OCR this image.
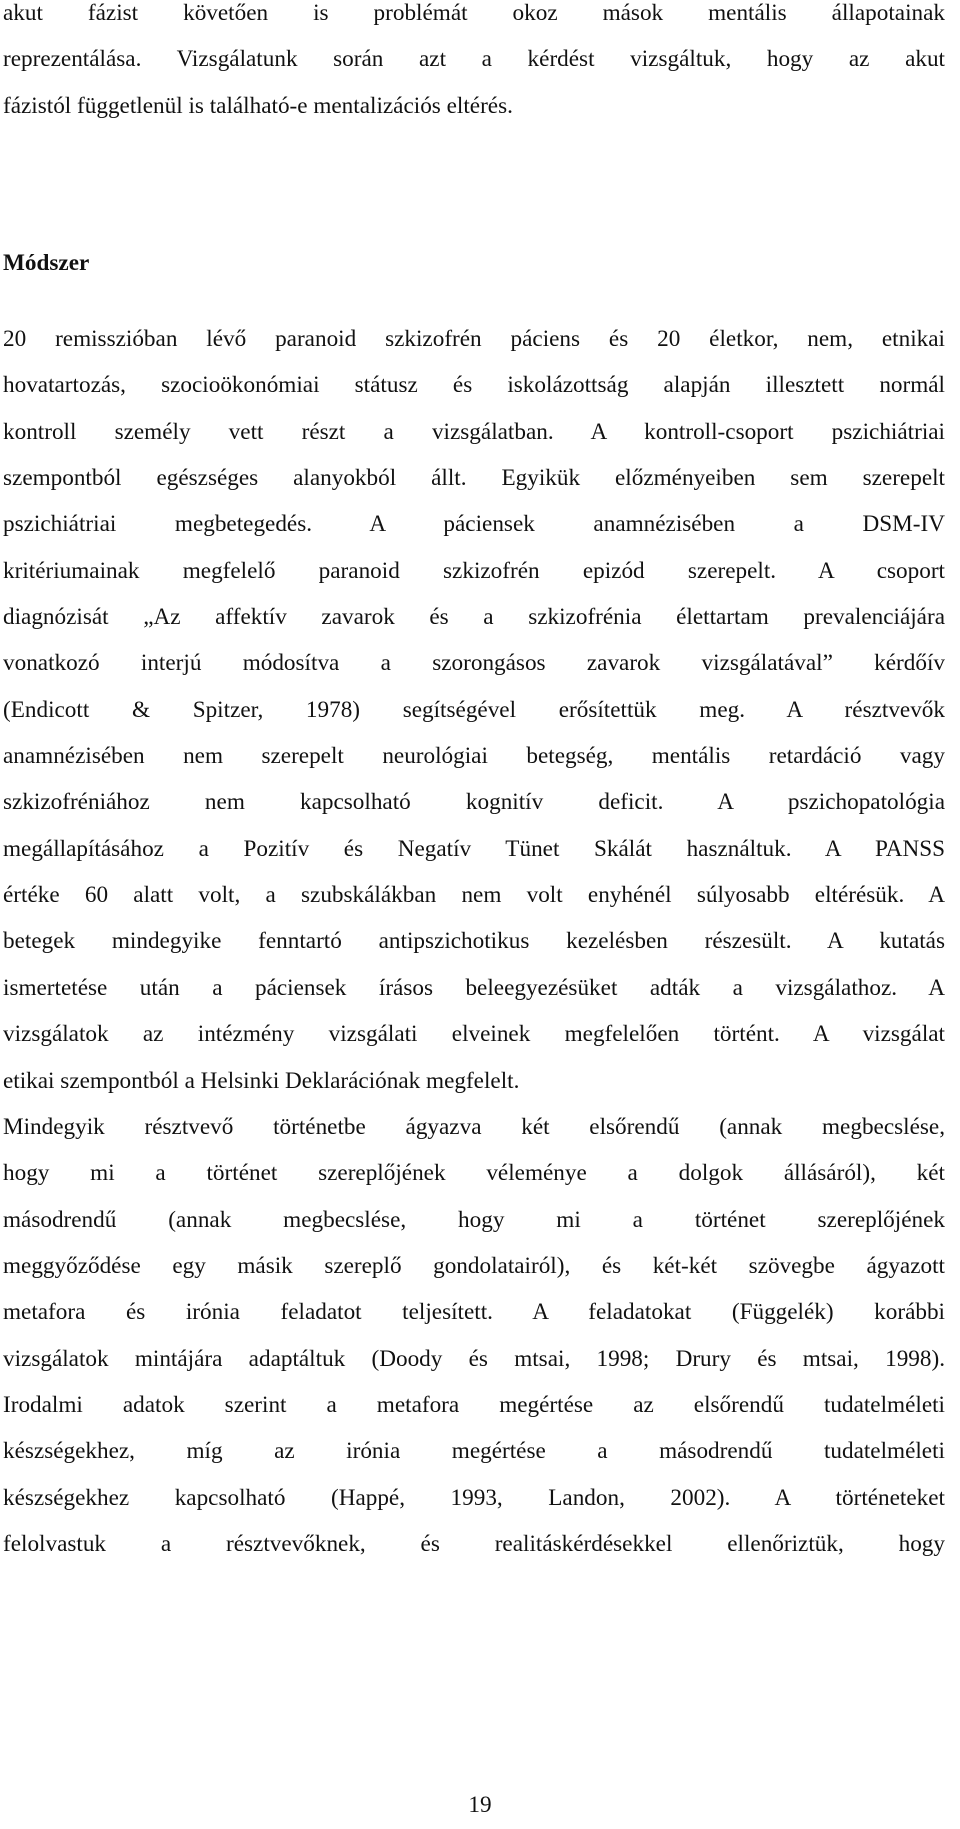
akut fázist követően is problémát okoz mások mentális állapotainak
reprezentálása. Vizsgálatunk során azt a kérdést vizsgáltuk, hogy az akut
fázistól függetlenül is található-e mentalizációs eltérés.
Módszer
20 remisszióban lévő paranoid szkizofrén páciens és 20 életkor, nem, etnikai
hovatartozás, szocioökonómiai státusz és iskolázottság alapján illesztett normál
kontroll személy vett részt a vizsgálatban. A kontroll-csoport pszichiátriai
szempontból egészséges alanyokból állt. Egyikük előzményeiben sem szerepelt
pszichiátriai megbetegedés. A páciensek anamnézisében a DSM-IV
kritériumainak megfelelő paranoid szkizofrén epizód szerepelt. A csoport
diagnózisát „Az affektív zavarok és a szkizofrénia élettartam prevalenciájára
vonatkozó interjú módosítva a szorongásos zavarok vizsgálatával” kérdőív
(Endicott & Spitzer, 1978) segítségével erősítettük meg. A résztvevők
anamnézisében nem szerepelt neurológiai betegség, mentális retardáció vagy
szkizofréniához nem kapcsolható kognitív deficit. A pszichopatológia
megállapításához a Pozitív és Negatív Tünet Skálát használtuk. A PANSS
értéke 60 alatt volt, a szubskálákban nem volt enyhénél súlyosabb eltérésük. A
betegek mindegyike fenntartó antipszichotikus kezelésben részesült. A kutatás
ismertetése után a páciensek írásos beleegyezésüket adták a vizsgálathoz. A
vizsgálatok az intézmény vizsgálati elveinek megfelelően történt. A vizsgálat
etikai szempontból a Helsinki Deklarációnak megfelelt.
Mindegyik résztvevő történetbe ágyazva két elsőrendű (annak megbecslése,
hogy mi a történet szereplőjének véleménye a dolgok állásáról), két
másodrendű (annak megbecslése, hogy mi a történet szereplőjének
meggyőződése egy másik szereplő gondolatairól), és két-két szövegbe ágyazott
metafora és irónia feladatot teljesített. A feladatokat (Függelék) korábbi
vizsgálatok mintájára adaptáltuk (Doody és mtsai, 1998; Drury és mtsai, 1998).
Irodalmi adatok szerint a metafora megértése az elsőrendű tudatelméleti
készségekhez, míg az irónia megértése a másodrendű tudatelméleti
készségekhez kapcsolható (Happé, 1993, Landon, 2002). A történeteket
felolvastuk a résztvevőknek, és realitáskérdésekkel ellenőriztük, hogy
19
